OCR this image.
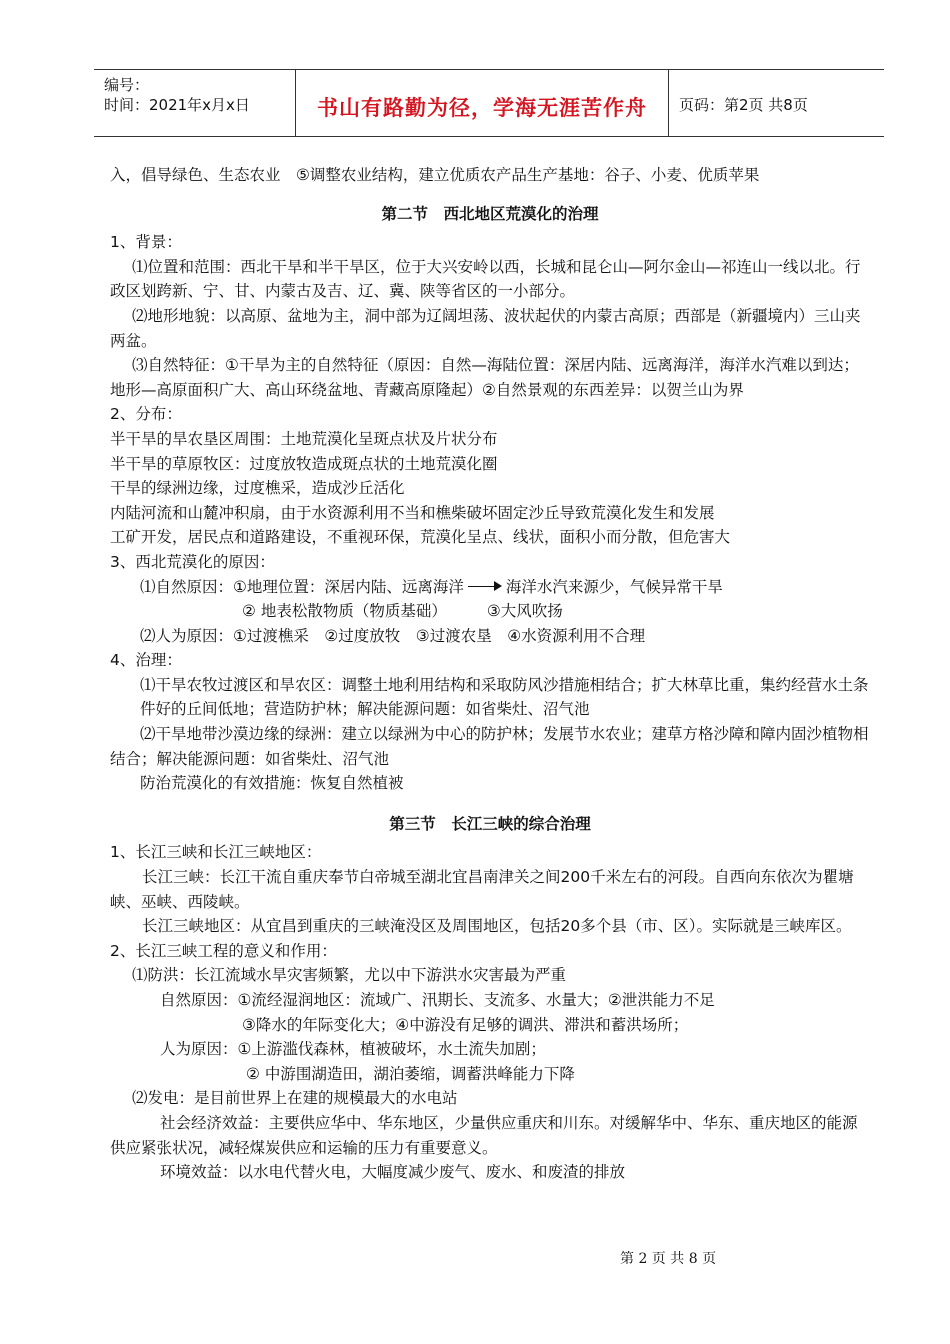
编号：
时间：2021年x月x日	书山有路勤为径，学海无涯苦作舟	页码：第2页 共8页

入，倡导绿色、生态农业　⑤调整农业结构，建立优质农产品生产基地：谷子、小麦、优质苹果

第二节　西北地区荒漠化的治理

1、背景：

⑴位置和范围：西北干旱和半干旱区，位于大兴安岭以西，长城和昆仑山—阿尔金山—祁连山一线以北。行政区划跨新、宁、甘、内蒙古及吉、辽、冀、陕等省区的一小部分。

⑵地形地貌：以高原、盆地为主，洞中部为辽阔坦荡、波状起伏的内蒙古高原；西部是（新疆境内）三山夹两盆。

⑶自然特征：①干旱为主的自然特征（原因：自然—海陆位置：深居内陆、远离海洋，海洋水汽难以到达；地形—高原面积广大、高山环绕盆地、青藏高原隆起）②自然景观的东西差异：以贺兰山为界

2、分布：

半干旱的旱农垦区周围：土地荒漠化呈斑点状及片状分布

半干旱的草原牧区：过度放牧造成斑点状的土地荒漠化圈

干旱的绿洲边缘，过度樵采，造成沙丘活化

内陆河流和山麓冲积扇，由于水资源利用不当和樵柴破坏固定沙丘导致荒漠化发生和发展

工矿开发，居民点和道路建设，不重视环保，荒漠化呈点、线状，面积小而分散，但危害大

3、西北荒漠化的原因：

⑴自然原因：①地理位置：深居内陆、远离海洋	海洋水汽来源少，气候异常干旱

② 地表松散物质（物质基础）	③大风吹扬

⑵人为原因：①过渡樵采　②过度放牧　③过渡农垦　④水资源利用不合理

4、治理：

⑴干旱农牧过渡区和旱农区：调整土地利用结构和采取防风沙措施相结合；扩大林草比重，集约经营水土条件好的丘间低地；营造防护林；解决能源问题：如省柴灶、沼气池

⑵干旱地带沙漠边缘的绿洲：建立以绿洲为中心的防护林；发展节水农业；建草方格沙障和障内固沙植物相结合；解决能源问题：如省柴灶、沼气池

防治荒漠化的有效措施：恢复自然植被

第三节　长江三峡的综合治理

1、长江三峡和长江三峡地区：

长江三峡：长江干流自重庆奉节白帝城至湖北宜昌南津关之间200千米左右的河段。自西向东依次为瞿塘峡、巫峡、西陵峡。

长江三峡地区：从宜昌到重庆的三峡淹没区及周围地区，包括20多个县（市、区）。实际就是三峡库区。

2、长江三峡工程的意义和作用：

⑴防洪：长江流域水旱灾害频繁，尤以中下游洪水灾害最为严重

自然原因：①流经湿润地区：流域广、汛期长、支流多、水量大；②泄洪能力不足

③降水的年际变化大；④中游没有足够的调洪、滞洪和蓄洪场所；

人为原因：①上游滥伐森林，植被破坏，水土流失加剧；

② 中游围湖造田，湖泊萎缩，调蓄洪峰能力下降

⑵发电：是目前世界上在建的规模最大的水电站

社会经济效益：主要供应华中、华东地区，少量供应重庆和川东。对缓解华中、华东、重庆地区的能源供应紧张状况，减轻煤炭供应和运输的压力有重要意义。

环境效益：以水电代替火电，大幅度减少废气、废水、和废渣的排放

第 2 页 共 8 页
